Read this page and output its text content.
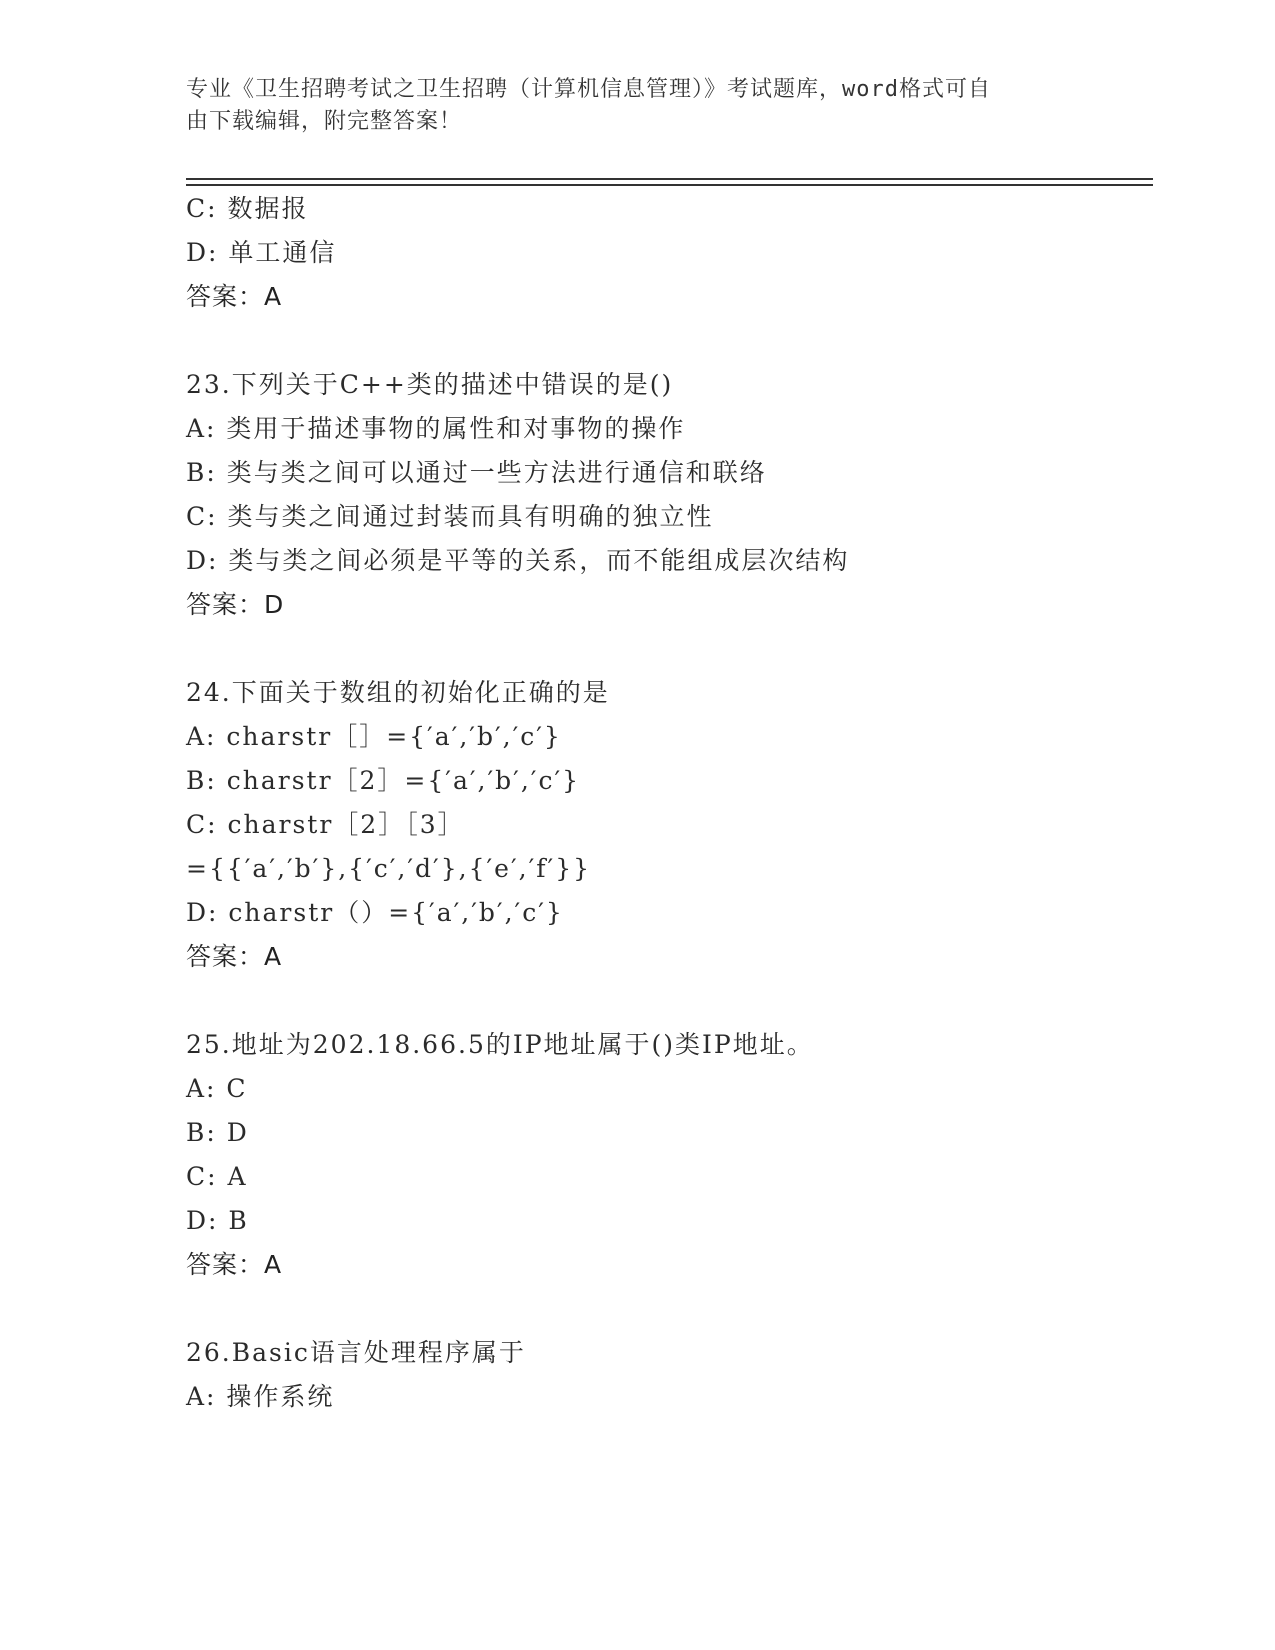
专业《卫生招聘考试之卫生招聘（计算机信息管理）》考试题库，word格式可自
由下载编辑，附完整答案！
C: 数据报
D: 单工通信
答案：A
23.下列关于C++类的描述中错误的是()
A: 类用于描述事物的属性和对事物的操作
B: 类与类之间可以通过一些方法进行通信和联络
C: 类与类之间通过封装而具有明确的独立性
D: 类与类之间必须是平等的关系，而不能组成层次结构
答案：D
24.下面关于数组的初始化正确的是
A: charstr［］={′a′,′b′,′c′}
B: charstr［2］={′a′,′b′,′c′}
C: charstr［2］［3］
={{′a′,′b′},{′c′,′d′},{′e′,′f′}}
D: charstr（）={′a′,′b′,′c′}
答案：A
25.地址为202.18.66.5的IP地址属于()类IP地址。
A: C
B: D
C: A
D: B
答案：A
26.Basic语言处理程序属于
A: 操作系统
